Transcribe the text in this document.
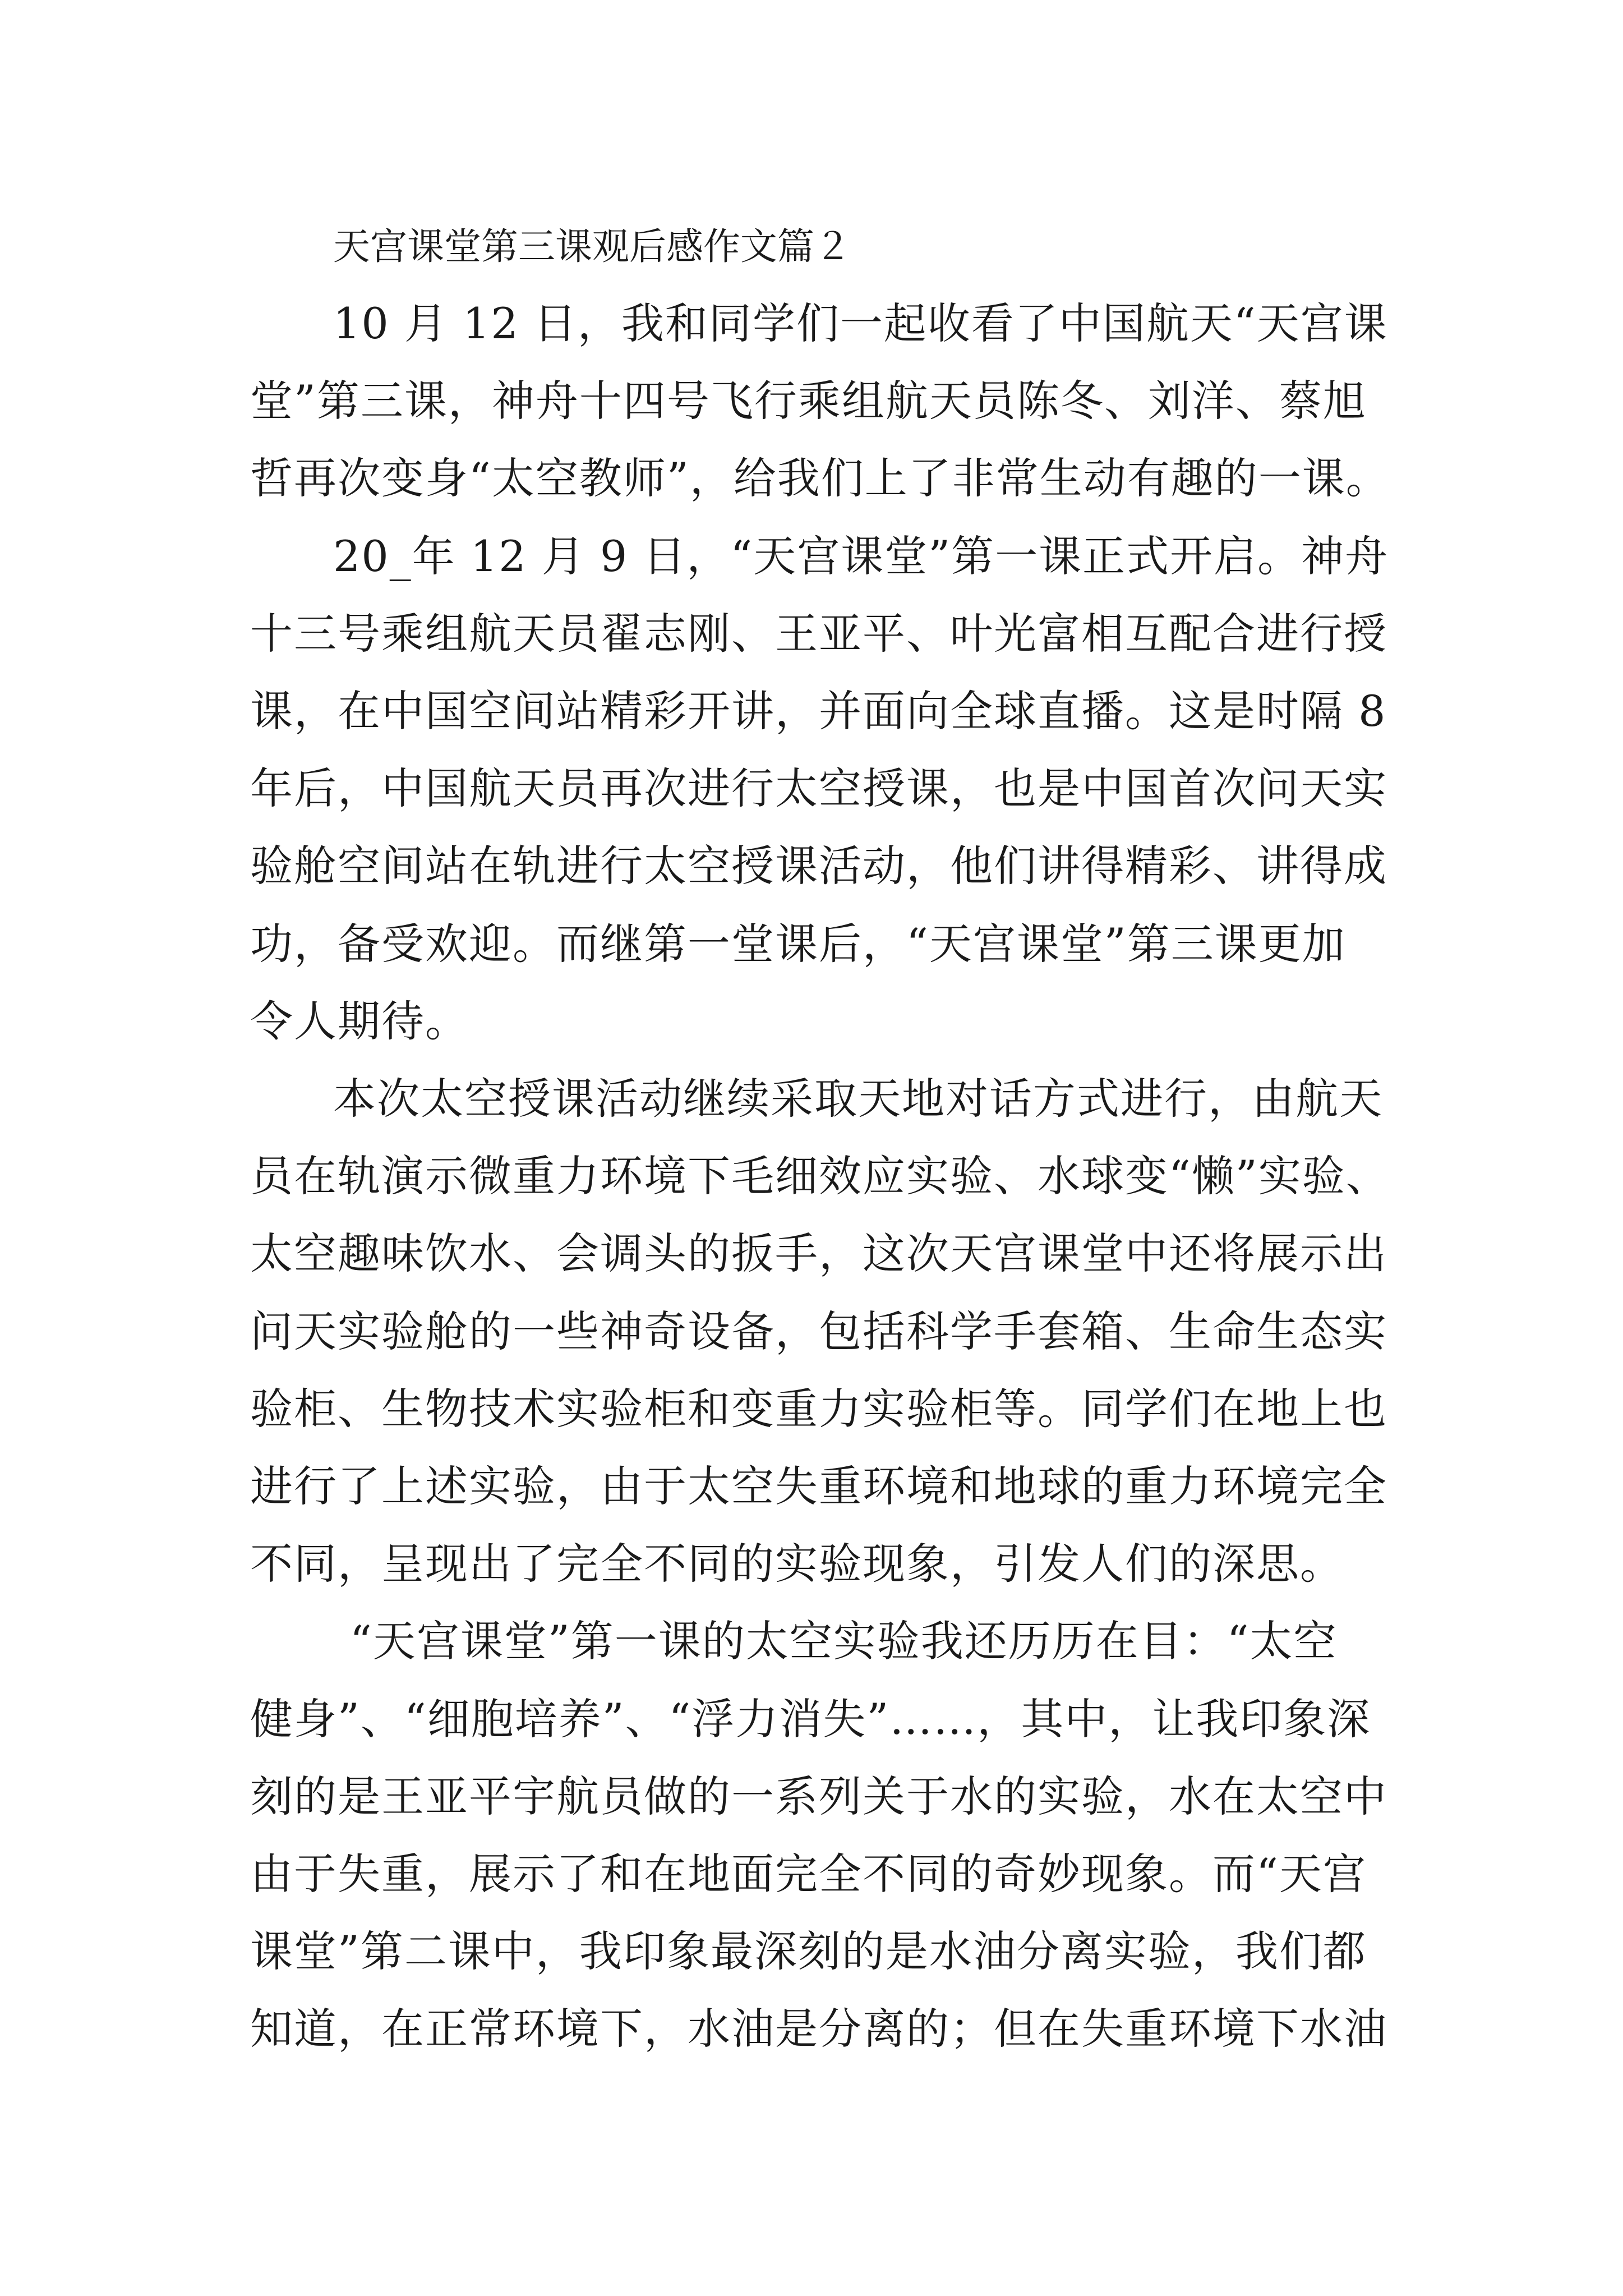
天宫课堂第三课观后感作文篇２

10 月 12 日，我和同学们一起收看了中国航天“天宫课

堂”第三课，神舟十四号飞行乘组航天员陈冬、刘洋、蔡旭

哲再次变身“太空教师”，给我们上了非常生动有趣的一课。

20_年 12 月 9 日，“天宫课堂”第一课正式开启。神舟

十三号乘组航天员翟志刚、王亚平、叶光富相互配合进行授

课，在中国空间站精彩开讲，并面向全球直播。这是时隔 8

年后，中国航天员再次进行太空授课，也是中国首次问天实

验舱空间站在轨进行太空授课活动，他们讲得精彩、讲得成

功，备受欢迎。而继第一堂课后，“天宫课堂”第三课更加

令人期待。

本次太空授课活动继续采取天地对话方式进行，由航天

员在轨演示微重力环境下毛细效应实验、水球变“懒”实验、

太空趣味饮水、会调头的扳手，这次天宫课堂中还将展示出

问天实验舱的一些神奇设备，包括科学手套箱、生命生态实

验柜、生物技术实验柜和变重力实验柜等。同学们在地上也

进行了上述实验，由于太空失重环境和地球的重力环境完全

不同，呈现出了完全不同的实验现象，引发人们的深思。

“天宫课堂”第一课的太空实验我还历历在目：“太空

健身”、“细胞培养”、“浮力消失”……，其中，让我印象深

刻的是王亚平宇航员做的一系列关于水的实验，水在太空中

由于失重，展示了和在地面完全不同的奇妙现象。而“天宫

课堂”第二课中，我印象最深刻的是水油分离实验，我们都

知道，在正常环境下，水油是分离的；但在失重环境下水油
